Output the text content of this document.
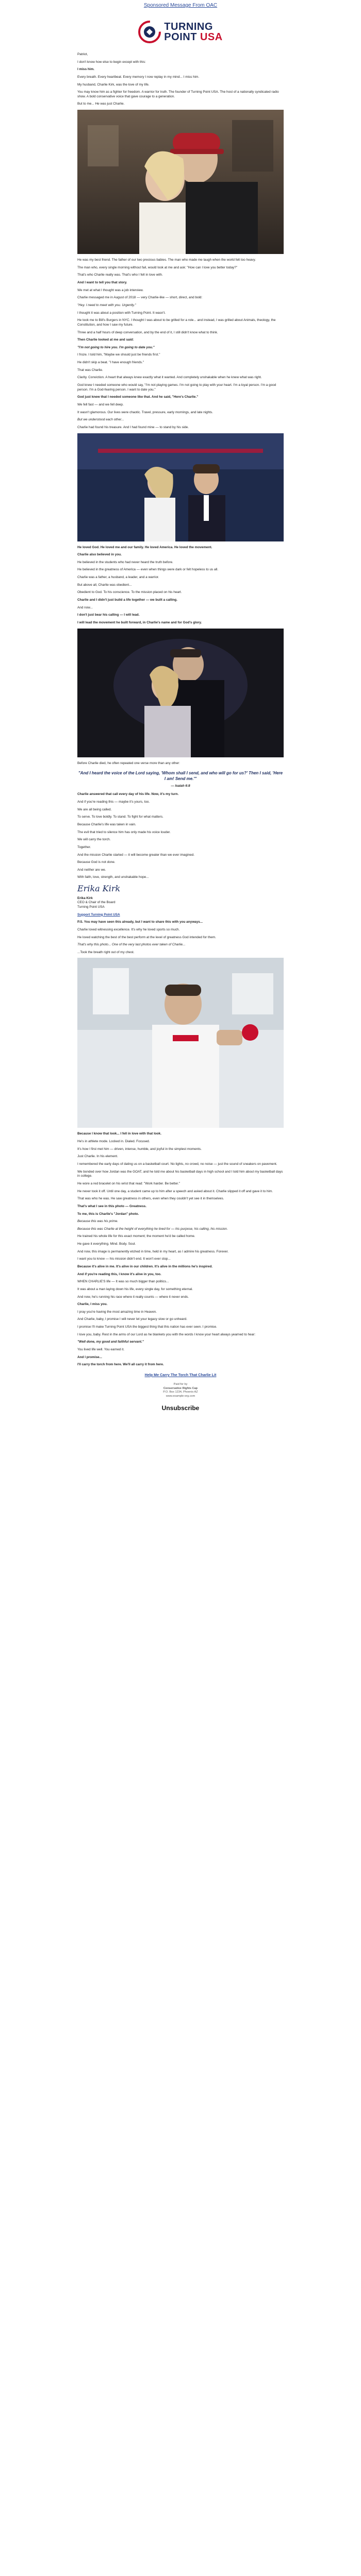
Sponsored Message From OAC
TURNING
POINT USA

Patriot,

I don't know how else to begin except with this:

I miss him.

Every breath. Every heartbeat. Every memory I now replay in my mind... I miss him.

My husband, Charlie Kirk, was the love of my life.

You may know him as a fighter for freedom. A warrior for truth. The founder of Turning Point USA. The host of a nationally syndicated radio show. A bold conservative voice that gave courage to a generation.

But to me... He was just Charlie.

He was my best friend. The father of our two precious babies. The man who made me laugh when the world felt too heavy.

The man who, every single morning without fail, would look at me and ask: "How can I love you better today?"

That's who Charlie really was. That's who I fell in love with.

And I want to tell you that story.

We met at what I thought was a job interview.

Charlie messaged me in August of 2018 — very Charlie-like — short, direct, and bold:

"Hey. I need to meet with you. Urgently."

I thought it was about a position with Turning Point. It wasn't.

He took me to Bill's Burgers in NYC. I thought I was about to be grilled for a role... and instead, I was grilled about Animals, theology, the Constitution, and how I saw my future.

Three and a half hours of deep conversation, and by the end of it, I still didn't know what to think.

Then Charlie looked at me and said:

"I'm not going to hire you. I'm going to date you."

I froze. I told him, "Maybe we should just be friends first."

He didn't skip a beat. "I have enough friends."

That was Charlie.

Clarity. Conviction. A heart that always knew exactly what it wanted. And completely unshakable when he knew what was right.

God knew I needed someone who would say, "I'm not playing games. I'm not going to play with your heart. I'm a loyal person. I'm a good person. I'm a God-fearing person. I want to date you."

God just knew that I needed someone like that. And he said, "Here's Charlie."

We fell fast — and we fell deep.

It wasn't glamorous. Our lives were chaotic. Travel, pressure, early mornings, and late nights.

But we understood each other...

Charlie had found his treasure. And I had found mine — to stand by his side.

He loved God. He loved me and our family. He loved America. He loved the movement.

Charlie also believed in you.

He believed in the students who had never heard the truth before.

He believed in the greatness of America — even when things were dark or felt hopeless to us all.

Charlie was a father, a husband, a leader, and a warrior.

But above all, Charlie was obedient...

Obedient to God. To his conscience. To the mission placed on his heart.

Charlie and I didn't just build a life together — we built a calling.

And now...

I don't just bear his calling — I will lead.

I will lead the movement he built forward, in Charlie's name and for God's glory.

Before Charlie died, he often repeated one verse more than any other:

"And I heard the voice of the Lord saying, 'Whom shall I send, and who will go for us?' Then I said, 'Here I am! Send me.'"
— Isaiah 6:8

Charlie answered that call every day of his life. Now, it's my turn.

And if you're reading this — maybe it's yours, too.

We are all being called.

To serve. To love boldly. To stand. To fight for what matters.

Because Charlie's life was taken in vain.

The evil that tried to silence him has only made his voice louder.

We will carry the torch.

Together.

And the mission Charlie started — it will become greater than we ever imagined.

Because God is not done.

And neither are we.

With faith, love, strength, and unshakable hope...

Erika Kirk

Erika Kirk
CEO & Chair of the Board
Turning Point USA

Support Turning Point USA

P.S. You may have seen this already, but I want to share this with you anyways...

Charlie loved witnessing excellence. It's why he loved sports so much.

He loved watching the best of the best perform at the level of greatness God intended for them.

That's why this photo... One of the very last photos ever taken of Charlie...

...Took the breath right out of my chest.

Because I know that look... I fell in love with that look.

He's in athlete mode. Locked in. Dialed. Focused.

It's how I first met him — driven, intense, humble, and joyful in the simplest moments.

Just Charlie. In his element.

I remembered the early days of dating us on a basketball court. No lights, no crowd, no noise — just the sound of sneakers on pavement.

We bonded over how Jordan was the GOAT, and he told me about his basketball days in high school and I told him about my basketball days in college.

He wore a red bracelet on his wrist that read: "Work harder. Be better."

He never took it off. Until one day, a student came up to him after a speech and asked about it. Charlie slipped it off and gave it to him.

That was who he was. He saw greatness in others, even when they couldn't yet see it in themselves.

That's what I see in this photo — Greatness.

To me, this is Charlie's "Jordan" photo.

Because this was his prime.

Because this was Charlie at the height of everything he lived for — his purpose, his calling, his mission.

He trained his whole life for this exact moment; the moment he'd be called home.

He gave it everything. Mind. Body. Soul.

And now, this image is permanently etched in time, held in my heart, as I admire his greatness. Forever.

I want you to know — his mission didn't end. It won't ever stop...

Because it's alive in me. It's alive in our children. It's alive in the millions he's inspired.

And if you're reading this, I know it's alive in you, too.

WHEN CHARLIE'S life — It was so much bigger than politics...

It was about a man laying down his life, every single day, for something eternal.

And now, he's running his race where it really counts — where it never ends.

Charlie, I miss you.

I pray you're having the most amazing time in Heaven.

And Charlie, baby, I promise I will never let your legacy slow or go unheard.

I promise I'll make Turning Point USA the biggest thing that this nation has ever seen. I promise.

I love you, baby. Rest in the arms of our Lord as he blankets you with the words I know your heart always yearned to hear:

"Well done, my good and faithful servant."

You lived life well. You earned it.

And I promise...

I'll carry the torch from here. We'll all carry it from here.

Help Me Carry The Torch That Charlie Lit
Paid for by
Conservative Rights Cap
P.O. Box 1234, Phoenix AZ
www.example-org.com
Unsubscribe
